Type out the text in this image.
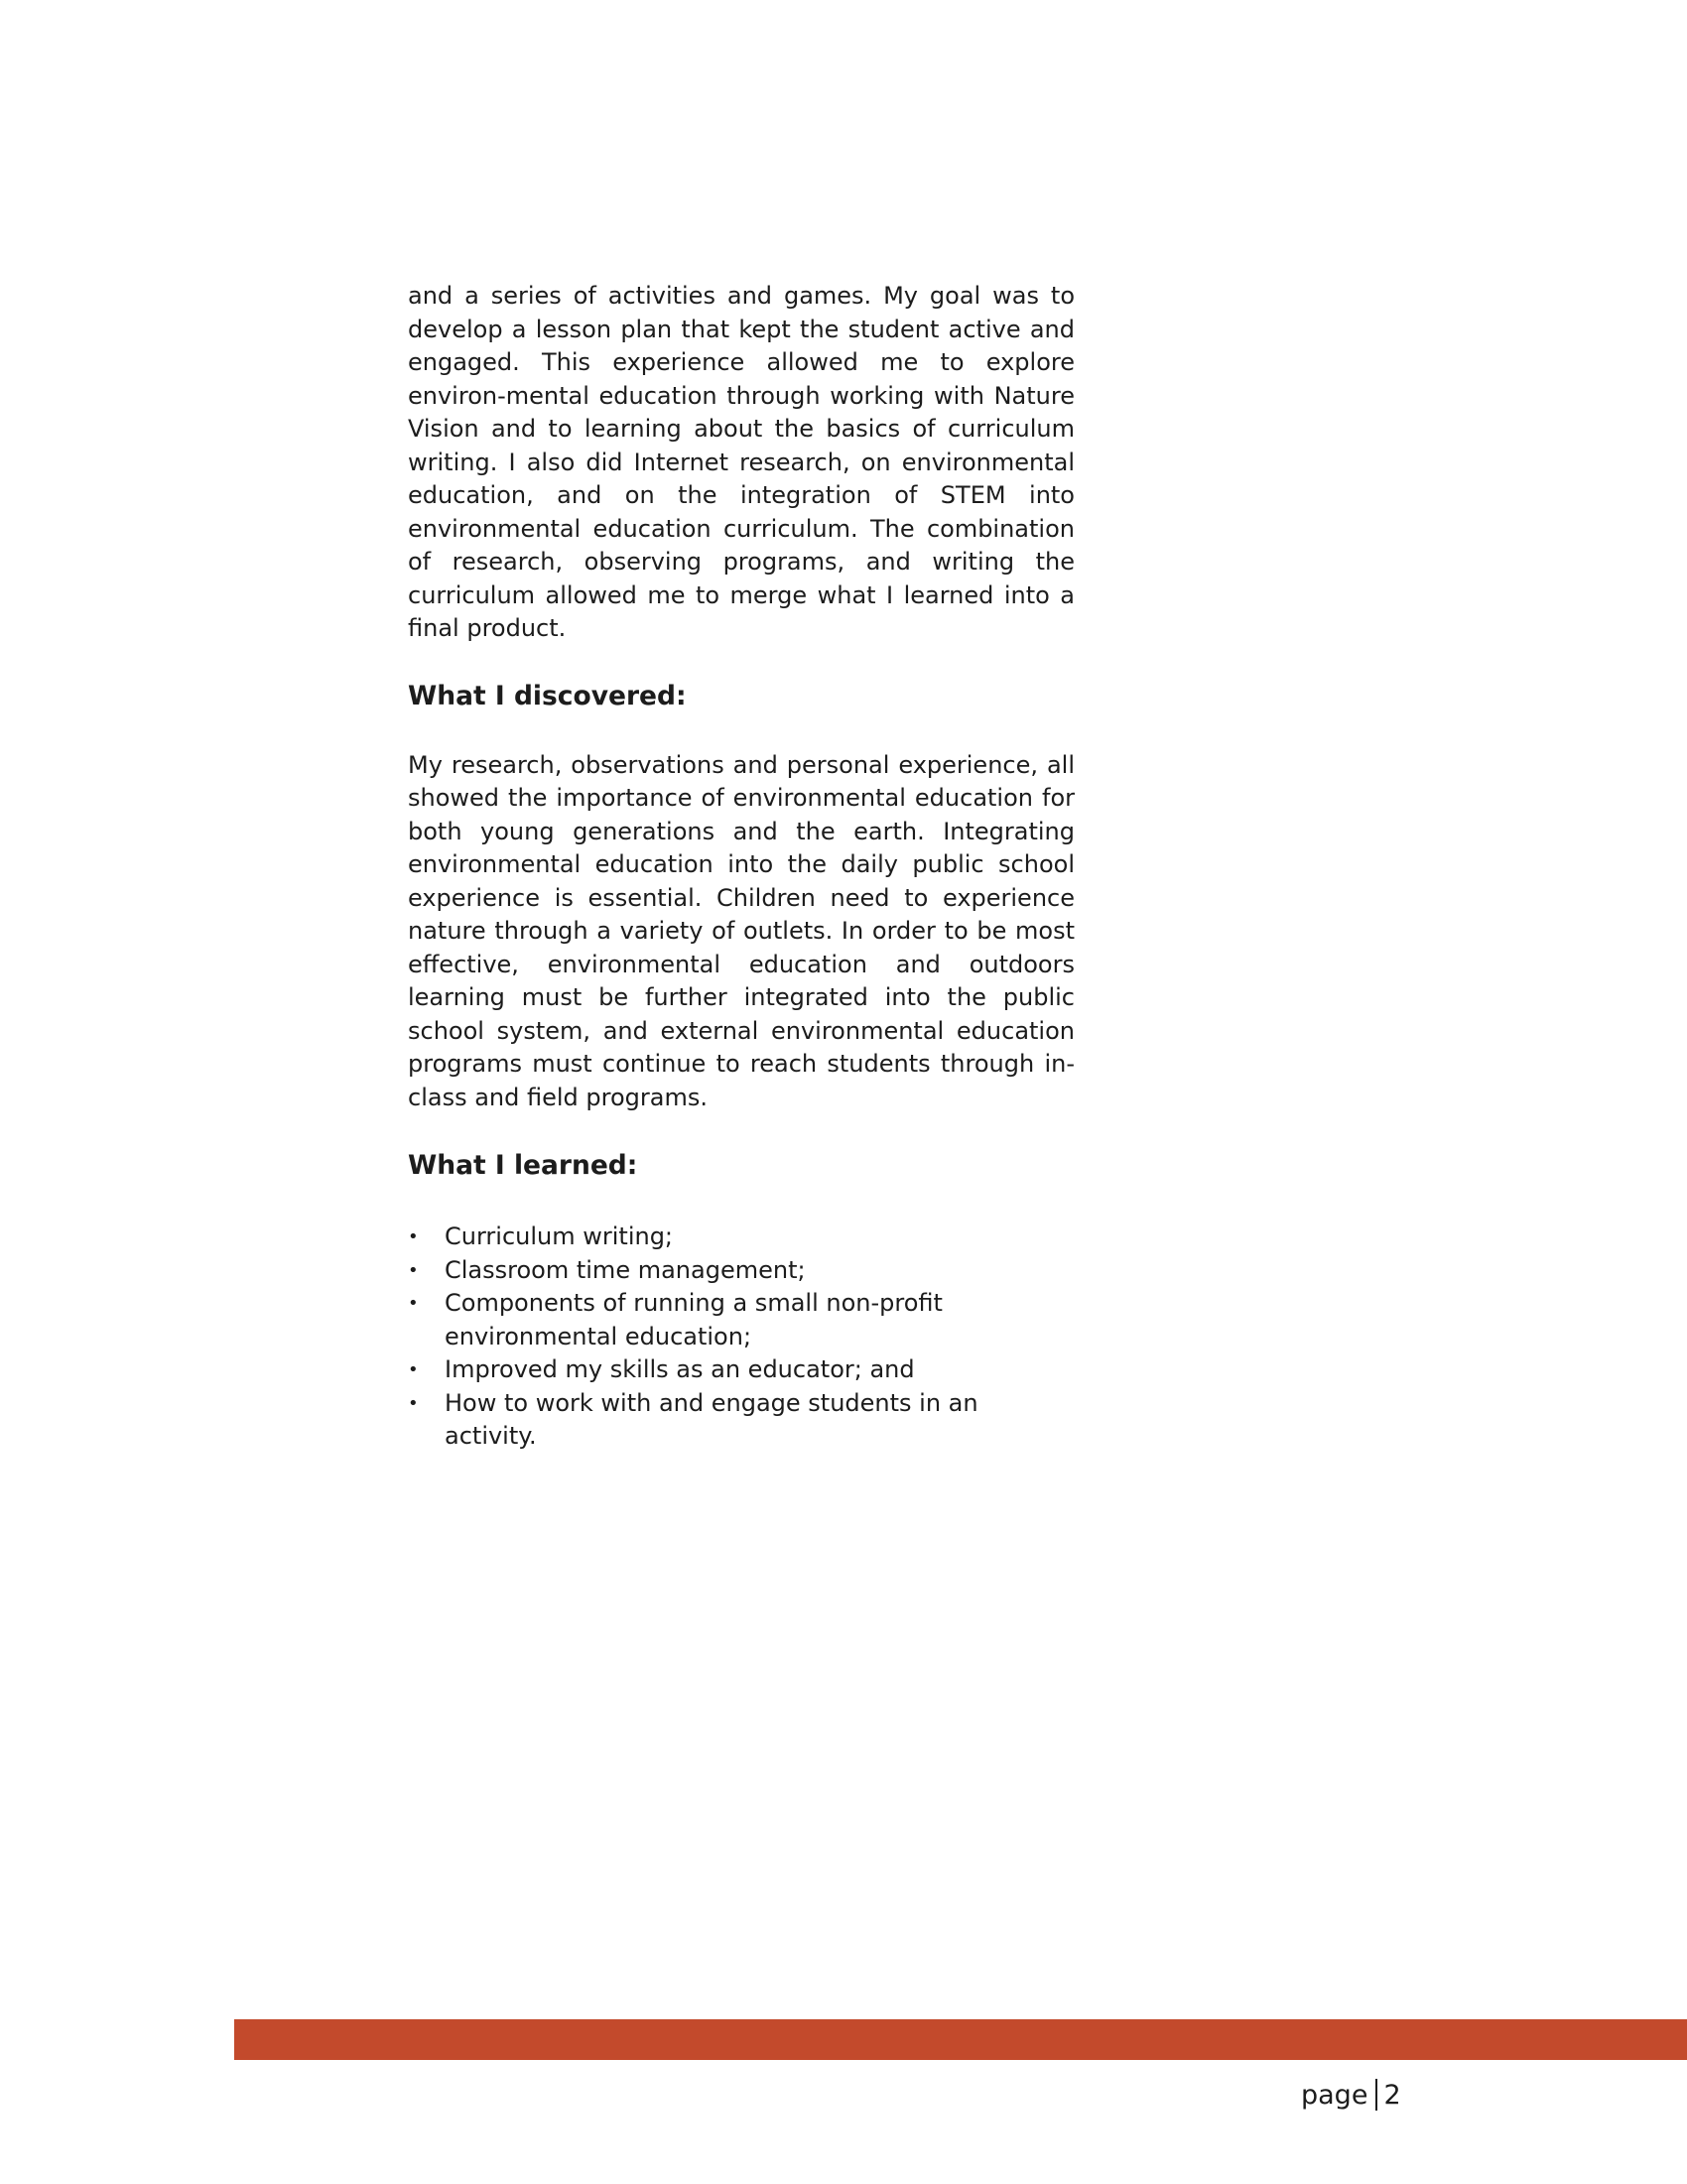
and a series of activities and games. My goal was to develop a lesson plan that kept the student active and engaged. This experience allowed me to explore environ-mental education through working with Nature Vision and to learning about the basics of curriculum writing. I also did Internet research, on environmental education, and on the integration of STEM into environmental education curriculum. The combination of research, observing programs, and writing the curriculum allowed me to merge what I learned into a final product.

What I discovered:

My research, observations and personal experience, all showed the importance of environmental education for both young generations and the earth. Integrating environmental education into the daily public school experience is essential. Children need to experience nature through a variety of outlets. In order to be most effective, environmental education and outdoors learning must be further integrated into the public school system, and external environmental education programs must continue to reach students through in-class and field programs.

What I learned:
• Curriculum writing;
• Classroom time management;
• Components of running a small non-profit environmental education;
• Improved my skills as an educator; and
• How to work with and engage students in an activity.
page 2
